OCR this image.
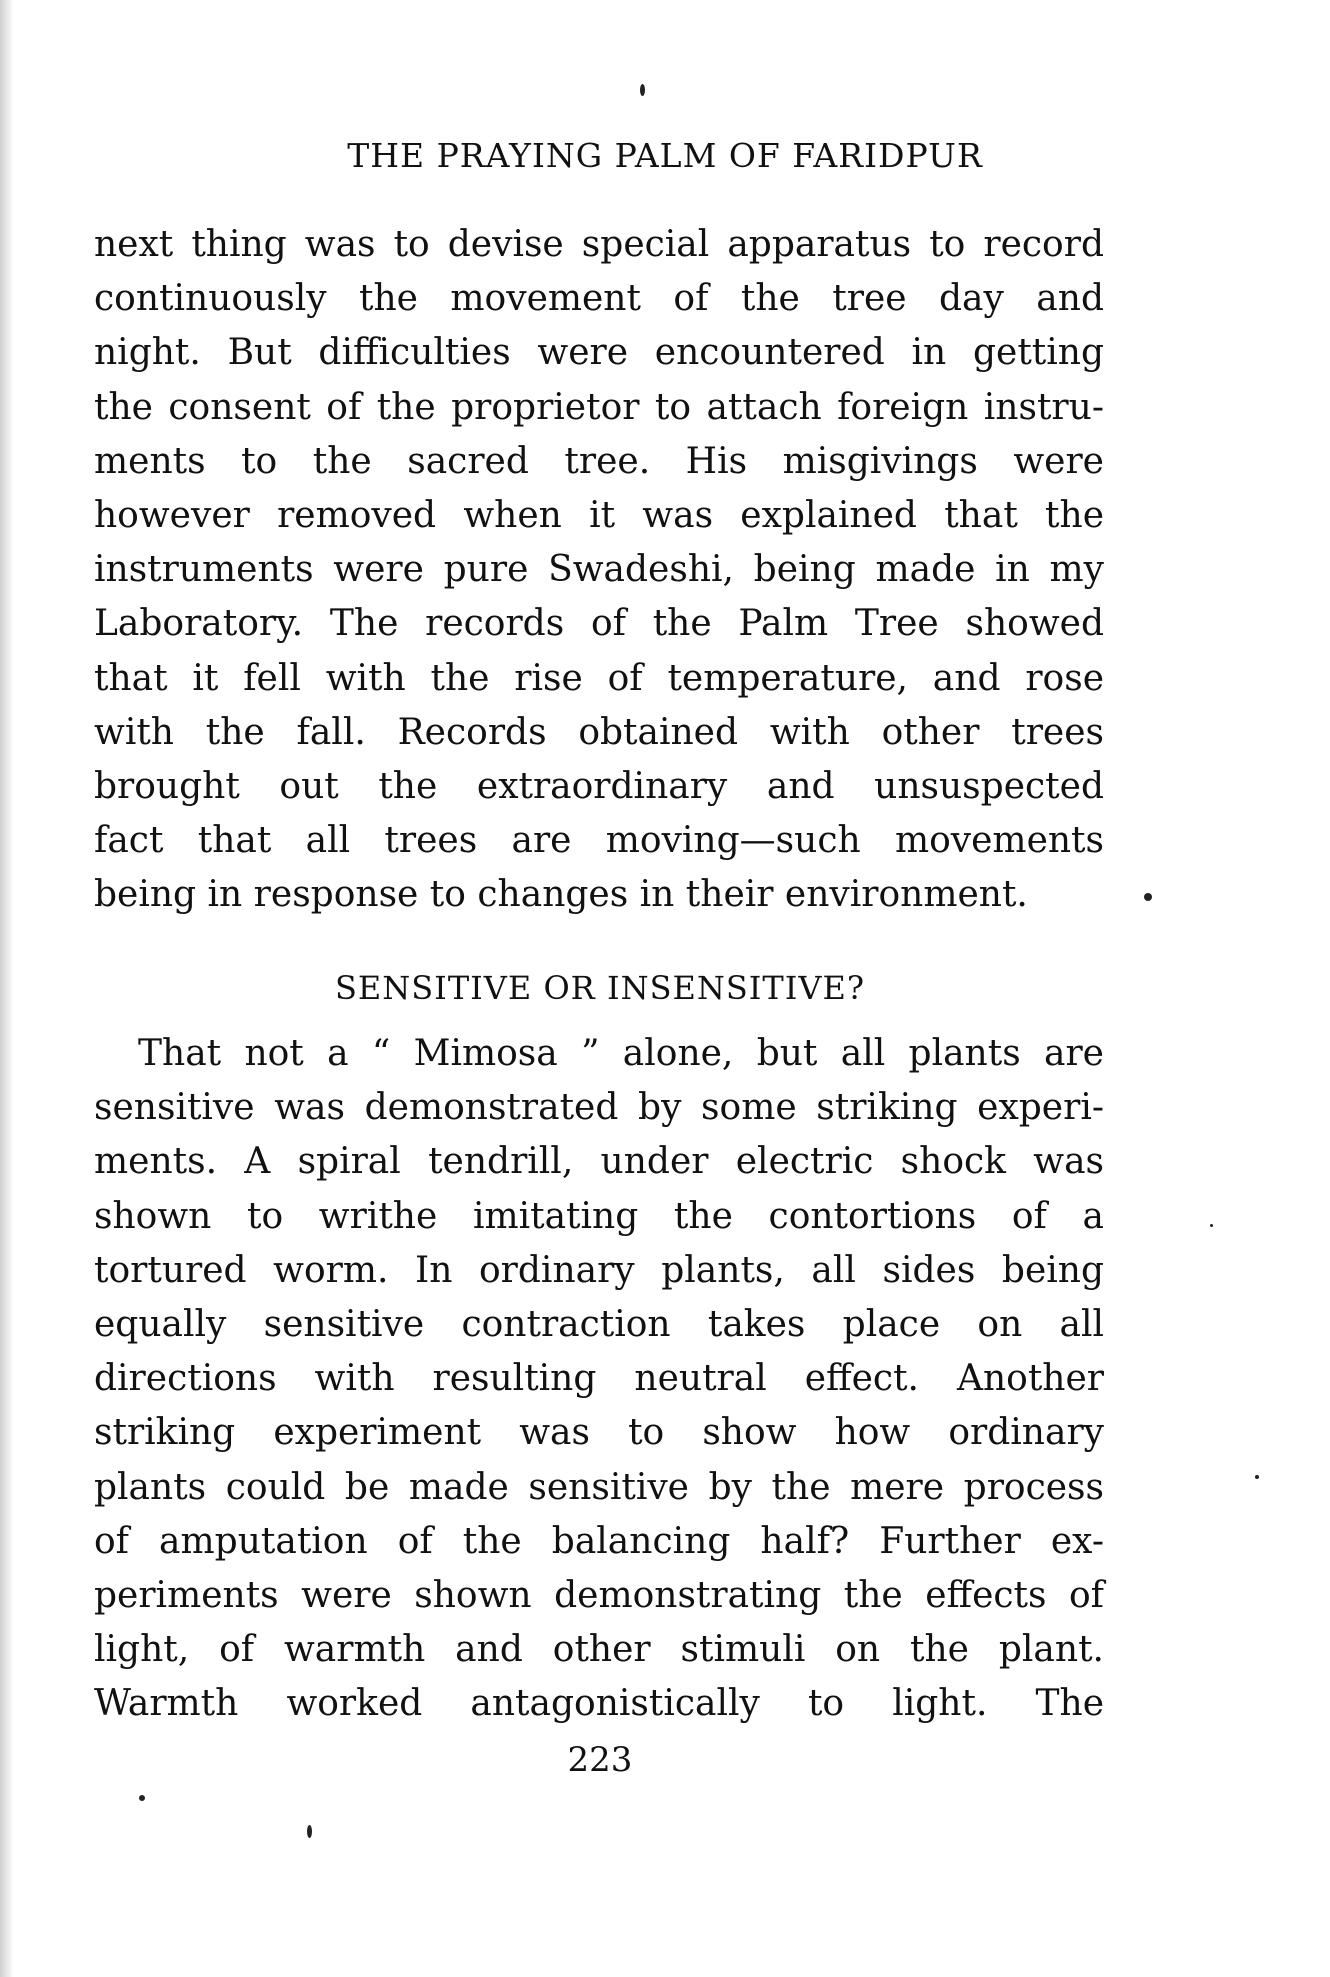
THE PRAYING PALM OF FARIDPUR
next thing was to devise special apparatus to record
continuously the movement of the tree day and
night. But difficulties were encountered in getting
the consent of the proprietor to attach foreign instru-
ments to the sacred tree. His misgivings were
however removed when it was explained that the
instruments were pure Swadeshi, being made in my
Laboratory. The records of the Palm Tree showed
that it fell with the rise of temperature, and rose
with the fall. Records obtained with other trees
brought out the extraordinary and unsuspected
fact that all trees are moving—such movements
being in response to changes in their environment.
SENSITIVE OR INSENSITIVE?
That not a “ Mimosa ” alone, but all plants are
sensitive was demonstrated by some striking experi-
ments. A spiral tendrill, under electric shock was
shown to writhe imitating the contortions of a
tortured worm. In ordinary plants, all sides being
equally sensitive contraction takes place on all
directions with resulting neutral effect. Another
striking experiment was to show how ordinary
plants could be made sensitive by the mere process
of amputation of the balancing half? Further ex-
periments were shown demonstrating the effects of
light, of warmth and other stimuli on the plant.
Warmth worked antagonistically to light. The
223
